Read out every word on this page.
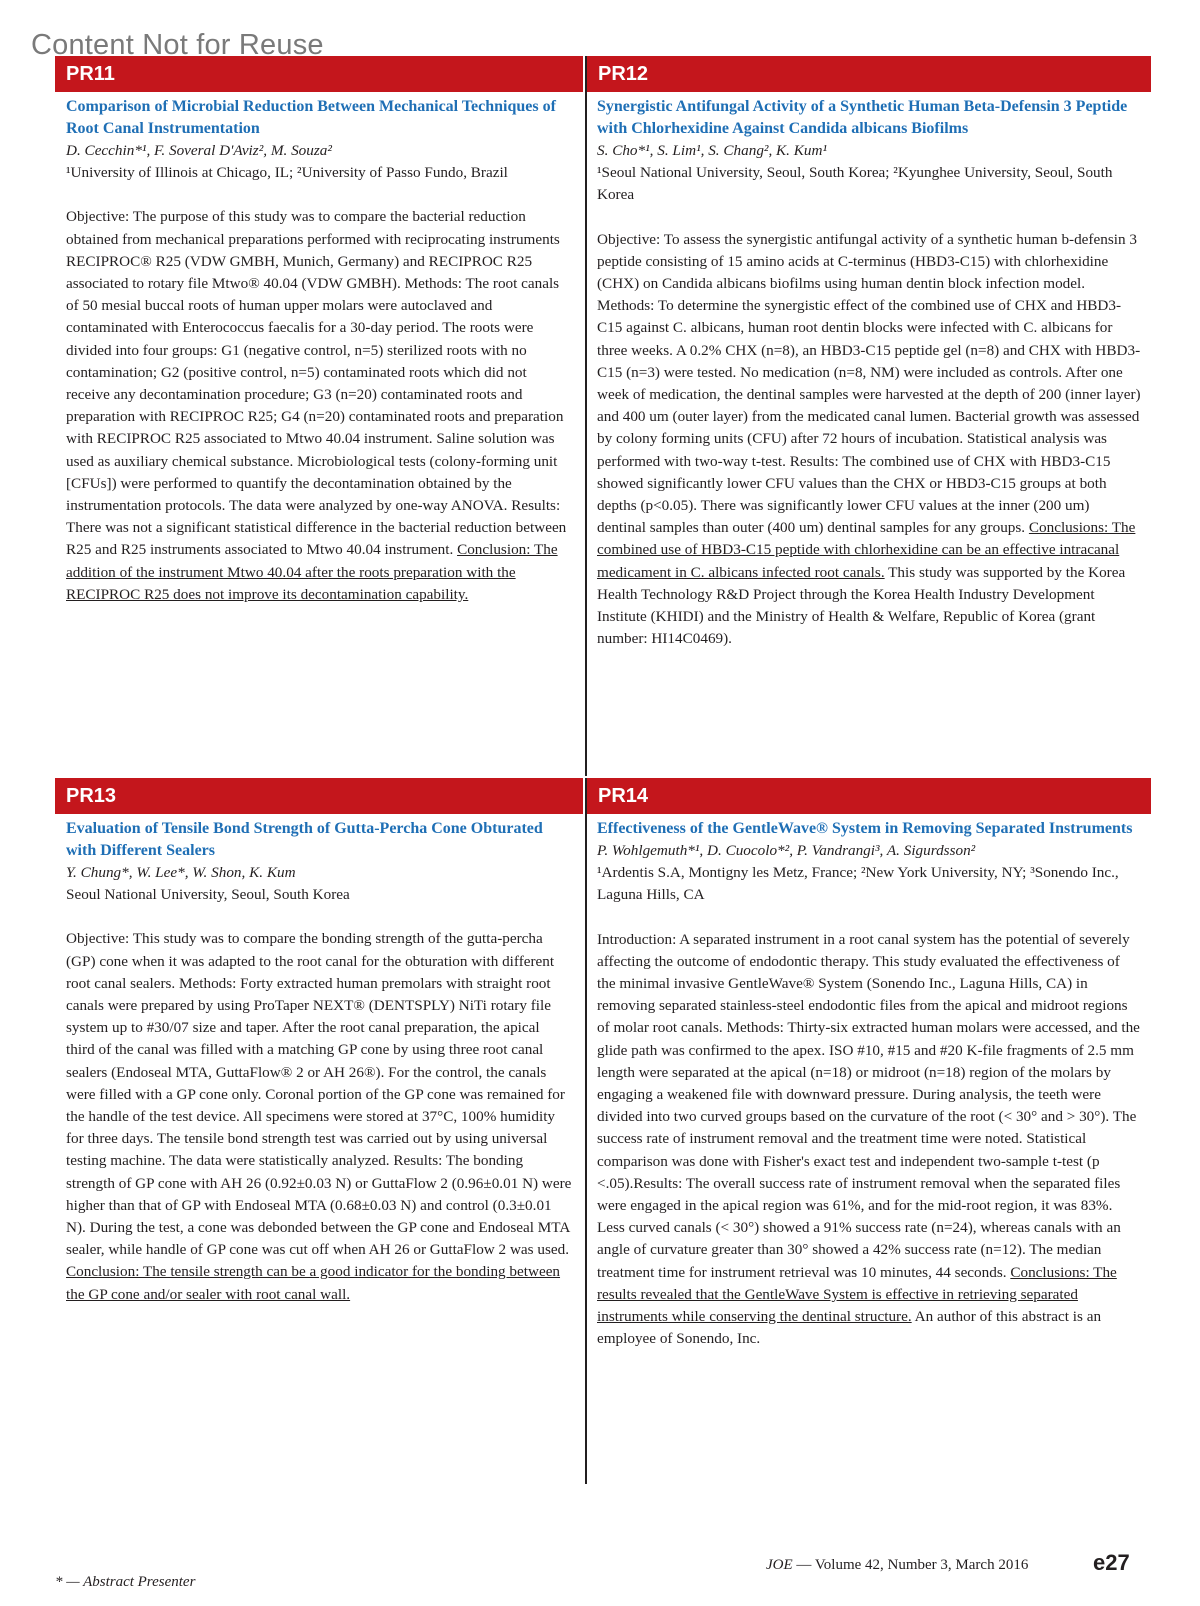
Content Not for Reuse
PR11
Comparison of Microbial Reduction Between Mechanical Techniques of Root Canal Instrumentation
D. Cecchin*¹, F. Soveral D'Aviz², M. Souza²
¹University of Illinois at Chicago, IL; ²University of Passo Fundo, Brazil
Objective: The purpose of this study was to compare the bacterial reduction obtained from mechanical preparations performed with reciprocating instruments RECIPROC® R25 (VDW GMBH, Munich, Germany) and RECIPROC R25 associated to rotary file Mtwo® 40.04 (VDW GMBH). Methods: The root canals of 50 mesial buccal roots of human upper molars were autoclaved and contaminated with Enterococcus faecalis for a 30-day period. The roots were divided into four groups: G1 (negative control, n=5) sterilized roots with no contamination; G2 (positive control, n=5) contaminated roots which did not receive any decontamination procedure; G3 (n=20) contaminated roots and preparation with RECIPROC R25; G4 (n=20) contaminated roots and preparation with RECIPROC R25 associated to Mtwo 40.04 instrument. Saline solution was used as auxiliary chemical substance. Microbiological tests (colony-forming unit [CFUs]) were performed to quantify the decontamination obtained by the instrumentation protocols. The data were analyzed by one-way ANOVA. Results: There was not a significant statistical difference in the bacterial reduction between R25 and R25 instruments associated to Mtwo 40.04 instrument. Conclusion: The addition of the instrument Mtwo 40.04 after the roots preparation with the RECIPROC R25 does not improve its decontamination capability.
PR12
Synergistic Antifungal Activity of a Synthetic Human Beta-Defensin 3 Peptide with Chlorhexidine Against Candida albicans Biofilms
S. Cho*¹, S. Lim¹, S. Chang², K. Kum¹
¹Seoul National University, Seoul, South Korea; ²Kyunghee University, Seoul, South Korea
Objective: To assess the synergistic antifungal activity of a synthetic human b-defensin 3 peptide consisting of 15 amino acids at C-terminus (HBD3-C15) with chlorhexidine (CHX) on Candida albicans biofilms using human dentin block infection model. Methods: To determine the synergistic effect of the combined use of CHX and HBD3-C15 against C. albicans, human root dentin blocks were infected with C. albicans for three weeks. A 0.2% CHX (n=8), an HBD3-C15 peptide gel (n=8) and CHX with HBD3-C15 (n=3) were tested. No medication (n=8, NM) were included as controls. After one week of medication, the dentinal samples were harvested at the depth of 200 (inner layer) and 400 um (outer layer) from the medicated canal lumen. Bacterial growth was assessed by colony forming units (CFU) after 72 hours of incubation. Statistical analysis was performed with two-way t-test. Results: The combined use of CHX with HBD3-C15 showed significantly lower CFU values than the CHX or HBD3-C15 groups at both depths (p<0.05). There was significantly lower CFU values at the inner (200 um) dentinal samples than outer (400 um) dentinal samples for any groups. Conclusions: The combined use of HBD3-C15 peptide with chlorhexidine can be an effective intracanal medicament in C. albicans infected root canals. This study was supported by the Korea Health Technology R&D Project through the Korea Health Industry Development Institute (KHIDI) and the Ministry of Health & Welfare, Republic of Korea (grant number: HI14C0469).
PR13
Evaluation of Tensile Bond Strength of Gutta-Percha Cone Obturated with Different Sealers
Y. Chung*, W. Lee*, W. Shon, K. Kum
Seoul National University, Seoul, South Korea
Objective: This study was to compare the bonding strength of the gutta-percha (GP) cone when it was adapted to the root canal for the obturation with different root canal sealers. Methods: Forty extracted human premolars with straight root canals were prepared by using ProTaper NEXT® (DENTSPLY) NiTi rotary file system up to #30/07 size and taper. After the root canal preparation, the apical third of the canal was filled with a matching GP cone by using three root canal sealers (Endoseal MTA, GuttaFlow® 2 or AH 26®). For the control, the canals were filled with a GP cone only. Coronal portion of the GP cone was remained for the handle of the test device. All specimens were stored at 37°C, 100% humidity for three days. The tensile bond strength test was carried out by using universal testing machine. The data were statistically analyzed. Results: The bonding strength of GP cone with AH 26 (0.92±0.03 N) or GuttaFlow 2 (0.96±0.01 N) were higher than that of GP with Endoseal MTA (0.68±0.03 N) and control (0.3±0.01 N). During the test, a cone was debonded between the GP cone and Endoseal MTA sealer, while handle of GP cone was cut off when AH 26 or GuttaFlow 2 was used. Conclusion: The tensile strength can be a good indicator for the bonding between the GP cone and/or sealer with root canal wall.
PR14
Effectiveness of the GentleWave® System in Removing Separated Instruments
P. Wohlgemuth*¹, D. Cuocolo*², P. Vandrangi³, A. Sigurdsson²
¹Ardentis S.A, Montigny les Metz, France; ²New York University, NY; ³Sonendo Inc., Laguna Hills, CA
Introduction: A separated instrument in a root canal system has the potential of severely affecting the outcome of endodontic therapy. This study evaluated the effectiveness of the minimal invasive GentleWave® System (Sonendo Inc., Laguna Hills, CA) in removing separated stainless-steel endodontic files from the apical and midroot regions of molar root canals. Methods: Thirty-six extracted human molars were accessed, and the glide path was confirmed to the apex. ISO #10, #15 and #20 K-file fragments of 2.5 mm length were separated at the apical (n=18) or midroot (n=18) region of the molars by engaging a weakened file with downward pressure. During analysis, the teeth were divided into two curved groups based on the curvature of the root (< 30° and > 30°). The success rate of instrument removal and the treatment time were noted. Statistical comparison was done with Fisher's exact test and independent two-sample t-test (p <.05).Results: The overall success rate of instrument removal when the separated files were engaged in the apical region was 61%, and for the mid-root region, it was 83%. Less curved canals (< 30°) showed a 91% success rate (n=24), whereas canals with an angle of curvature greater than 30° showed a 42% success rate (n=12). The median treatment time for instrument retrieval was 10 minutes, 44 seconds. Conclusions: The results revealed that the GentleWave System is effective in retrieving separated instruments while conserving the dentinal structure. An author of this abstract is an employee of Sonendo, Inc.
* — Abstract Presenter
JOE — Volume 42, Number 3, March 2016	e27
